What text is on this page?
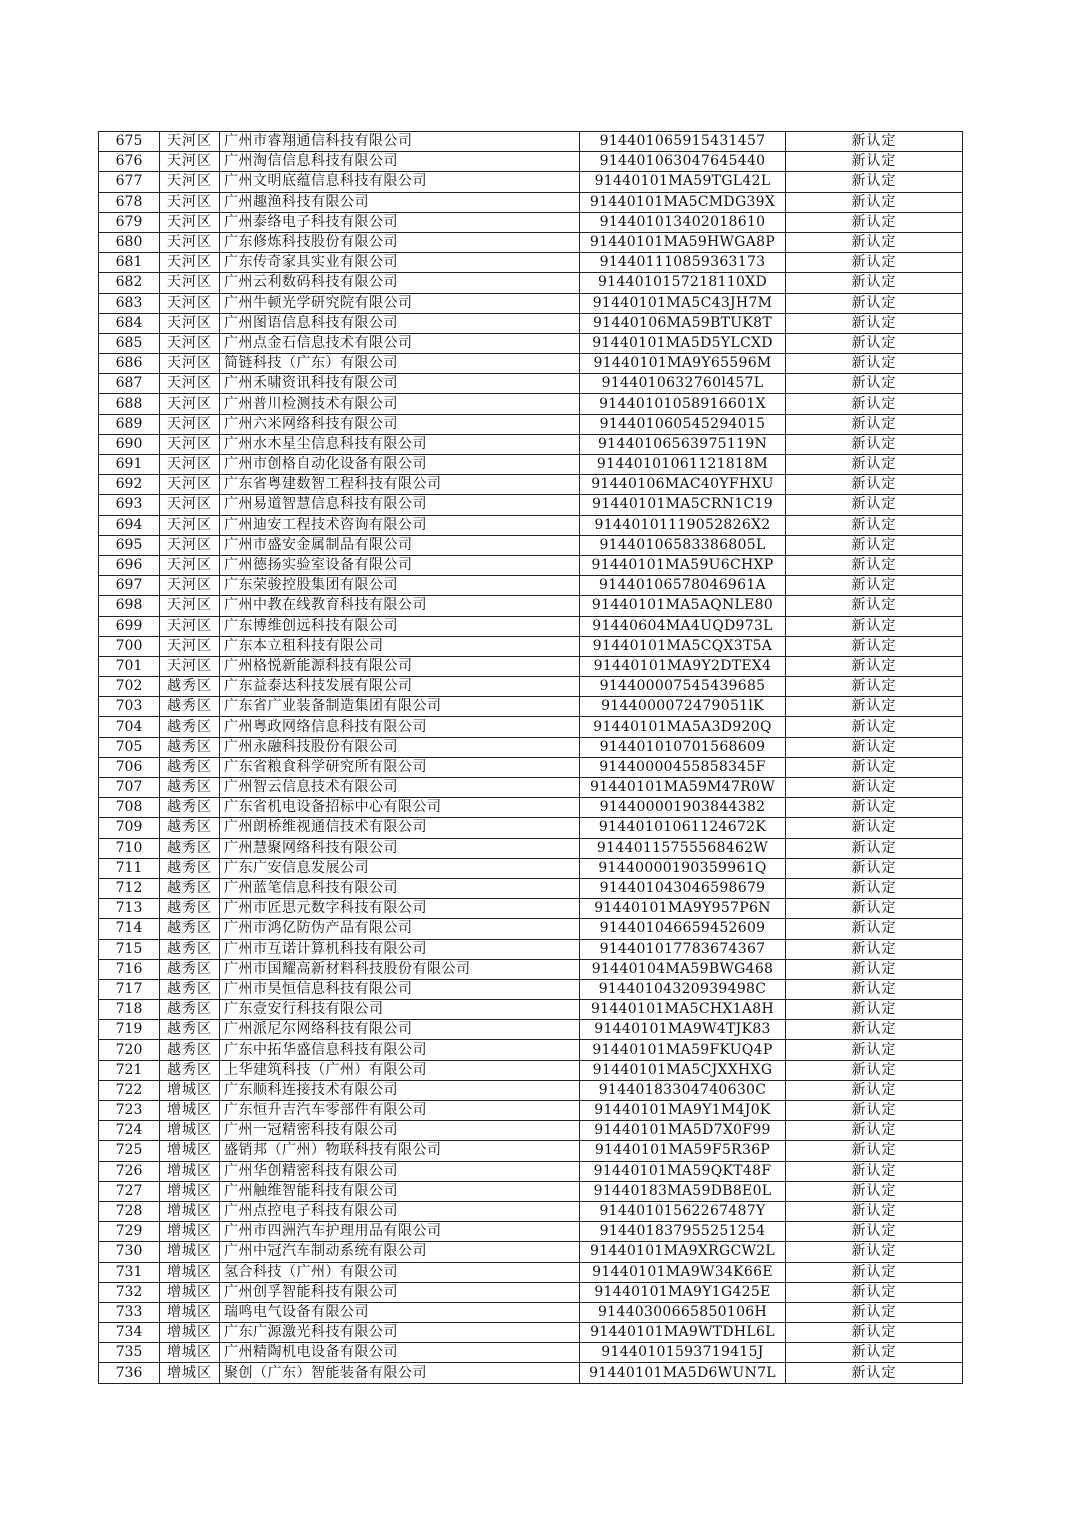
675	天河区	广州市睿翔通信科技有限公司	914401065915431457	新认定
676	天河区	广州淘信信息科技有限公司	914401063047645440	新认定
677	天河区	广州文明底蕴信息科技有限公司	91440101MA59TGL42L	新认定
678	天河区	广州趣渔科技有限公司	91440101MA5CMDG39X	新认定
679	天河区	广州泰络电子科技有限公司	914401013402018610	新认定
680	天河区	广东修炼科技股份有限公司	91440101MA59HWGA8P	新认定
681	天河区	广东传奇家具实业有限公司	914401110859363173	新认定
682	天河区	广州云利数码科技有限公司	9144010157218110XD	新认定
683	天河区	广州牛顿光学研究院有限公司	91440101MA5C43JH7M	新认定
684	天河区	广州图语信息科技有限公司	91440106MA59BTUK8T	新认定
685	天河区	广州点金石信息技术有限公司	91440101MA5D5YLCXD	新认定
686	天河区	简链科技（广东）有限公司	91440101MA9Y65596M	新认定
687	天河区	广州禾啸资讯科技有限公司	9144010632760l457L	新认定
688	天河区	广州普川检测技术有限公司	91440101058916601X	新认定
689	天河区	广州六米网络科技有限公司	914401060545294015	新认定
690	天河区	广州水木星尘信息科技有限公司	91440106563975119N	新认定
691	天河区	广州市创格自动化设备有限公司	91440101061121818M	新认定
692	天河区	广东省粤建数智工程科技有限公司	91440106MAC40YFHXU	新认定
693	天河区	广州易道智慧信息科技有限公司	91440101MA5CRN1C19	新认定
694	天河区	广州迪安工程技术咨询有限公司	91440101119052826X2	新认定
695	天河区	广州市盛安金属制品有限公司	91440106583386805L	新认定
696	天河区	广州德扬实验室设备有限公司	91440101MA59U6CHXP	新认定
697	天河区	广东荣骏控股集团有限公司	91440106578046961A	新认定
698	天河区	广州中教在线教育科技有限公司	91440101MA5AQNLE80	新认定
699	天河区	广东博维创远科技有限公司	91440604MA4UQD973L	新认定
700	天河区	广东本立租科技有限公司	91440101MA5CQX3T5A	新认定
701	天河区	广州格悦新能源科技有限公司	91440101MA9Y2DTEX4	新认定
702	越秀区	广东益泰达科技发展有限公司	914400007545439685	新认定
703	越秀区	广东省广业装备制造集团有限公司	9144000072479051lK	新认定
704	越秀区	广州粤政网络信息科技有限公司	91440101MA5A3D920Q	新认定
705	越秀区	广州永融科技股份有限公司	914401010701568609	新认定
706	越秀区	广东省粮食科学研究所有限公司	91440000455858345F	新认定
707	越秀区	广州智云信息技术有限公司	91440101MA59M47R0W	新认定
708	越秀区	广东省机电设备招标中心有限公司	914400001903844382	新认定
709	越秀区	广州朗桥维视通信技术有限公司	91440101061124672K	新认定
710	越秀区	广州慧聚网络科技有限公司	91440115755568462W	新认定
711	越秀区	广东广安信息发展公司	91440000190359961Q	新认定
712	越秀区	广州蓝笔信息科技有限公司	914401043046598679	新认定
713	越秀区	广州市匠思元数字科技有限公司	91440101MA9Y957P6N	新认定
714	越秀区	广州市鸿亿防伪产品有限公司	914401046659452609	新认定
715	越秀区	广州市互诺计算机科技有限公司	914401017783674367	新认定
716	越秀区	广州市国耀高新材料科技股份有限公司	91440104MA59BWG468	新认定
717	越秀区	广州市昊恒信息科技有限公司	91440104320939498C	新认定
718	越秀区	广东壹安行科技有限公司	91440101MA5CHX1A8H	新认定
719	越秀区	广州派尼尔网络科技有限公司	91440101MA9W4TJK83	新认定
720	越秀区	广东中拓华盛信息科技有限公司	91440101MA59FKUQ4P	新认定
721	越秀区	上华建筑科技（广州）有限公司	91440101MA5CJXXHXG	新认定
722	增城区	广东顺科连接技术有限公司	91440183304740630C	新认定
723	增城区	广东恒升吉汽车零部件有限公司	91440101MA9Y1M4J0K	新认定
724	增城区	广州一冠精密科技有限公司	91440101MA5D7X0F99	新认定
725	增城区	盛销邦（广州）物联科技有限公司	91440101MA59F5R36P	新认定
726	增城区	广州华创精密科技有限公司	91440101MA59QKT48F	新认定
727	增城区	广州触维智能科技有限公司	91440183MA59DB8E0L	新认定
728	增城区	广州点控电子科技有限公司	91440101562267487Y	新认定
729	增城区	广州市四洲汽车护理用品有限公司	914401837955251254	新认定
730	增城区	广州中冠汽车制动系统有限公司	91440101MA9XRGCW2L	新认定
731	增城区	氢合科技（广州）有限公司	91440101MA9W34K66E	新认定
732	增城区	广州创孚智能科技有限公司	91440101MA9Y1G425E	新认定
733	增城区	瑞鸣电气设备有限公司	91440300665850106H	新认定
734	增城区	广东广源激光科技有限公司	91440101MA9WTDHL6L	新认定
735	增城区	广州精陶机电设备有限公司	91440101593719415J	新认定
736	增城区	聚创（广东）智能装备有限公司	91440101MA5D6WUN7L	新认定
